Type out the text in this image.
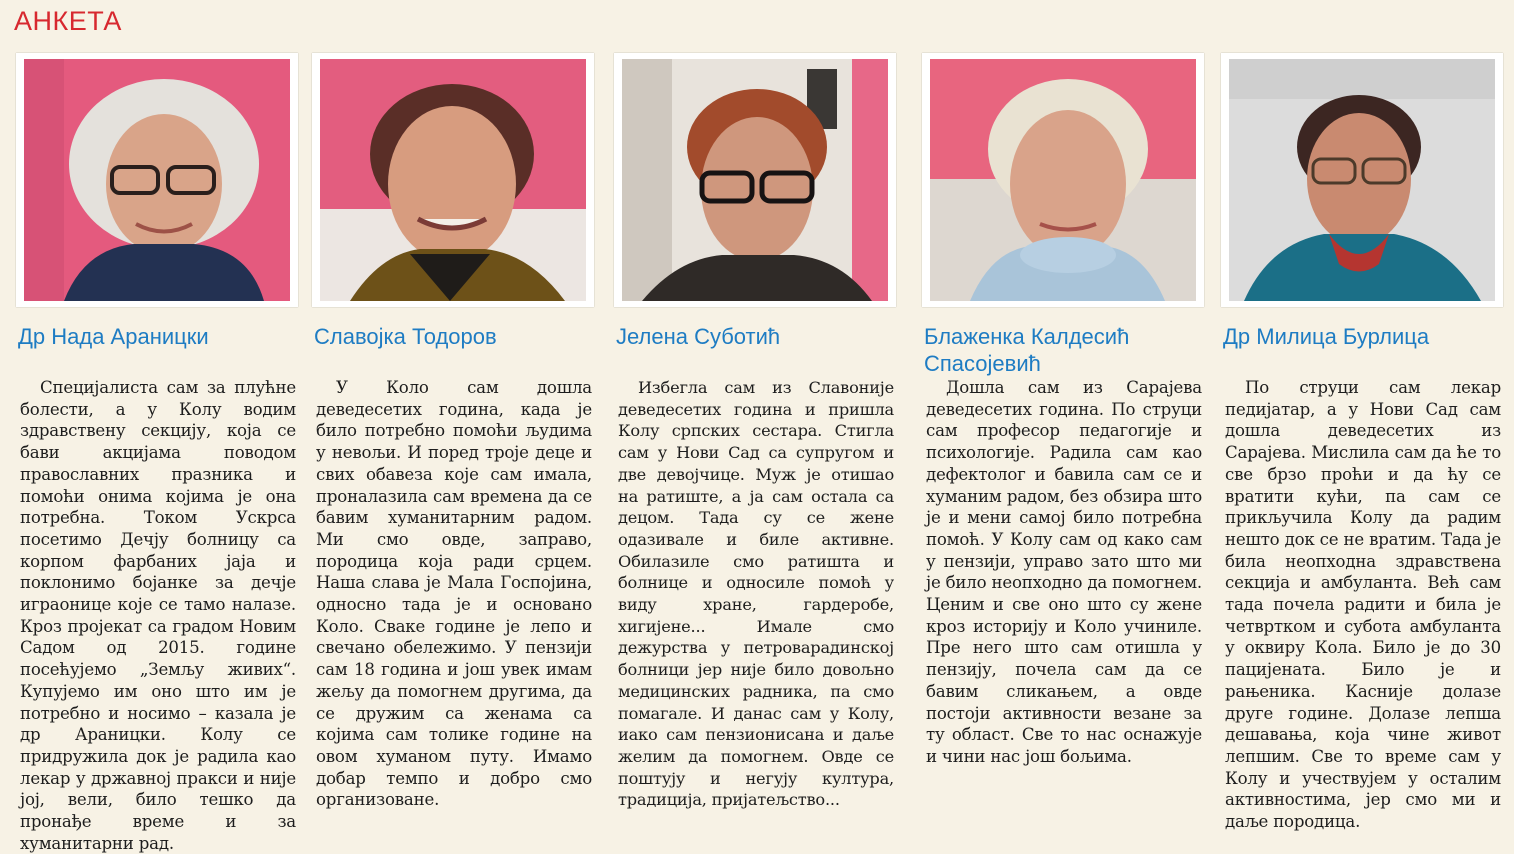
АНКЕТА
Др Нада Араницки
Специјалиста сам за плућне болести, а у Колу водим здравствену секцију, која се бави акцијама поводом православних празника и помоћи онима којима је она потребна. Током Ускрса посетимо Дечју болницу са корпом фарбаних јаја и поклонимо бојанке за дечје играонице које се тамо налазе. Кроз пројекат са градом Новим Садом од 2015. године посећујемо „Земљу живих“. Купујемо им оно што им је потребно и носимо – казала је др Араницки. Колу се придружила док је радила као лекар у државној пракси и није јој, вели, било тешко да пронађе време и за хуманитарни рад.
Славојка Тодоров
У Коло сам дошла деведесетих година, када је било потребно помоћи људима у невољи. И поред троје деце и свих обавеза које сам имала, проналазила сам времена да се бавим хуманитарним радом. Ми смо овде, заправо, породица која ради срцем. Наша слава је Мала Госпојина, односно тада је и основано Коло. Сваке године је лепо и свечано обележимо. У пензији сам 18 година и још увек имам жељу да помогнем другима, да се дружим са женама са којима сам толике године на овом хуманом путу. Имамо добар темпо и добро смо организоване.
Јелена Суботић
Избегла сам из Славоније деведесетих година и пришла Колу српских сестара. Стигла сам у Нови Сад са супругом и две девојчице. Муж је отишао на ратиште, а ја сам остала са децом. Тада су се жене одазивале и биле активне. Обилазиле смо ратишта и болнице и односиле помоћ у виду хране, гардеробе, хигијене... Имале смо дежурства у петроварадинској болници јер није било довољно медицинских радника, па смо помагале. И данас сам у Колу, иако сам пензионисана и даље желим да помогнем. Овде се поштују и негују култура, традиција, пријатељство...
Блаженка Калдесић Спасојевић
Дошла сам из Сарајева деведесетих година. По струци сам професор педагогије и психологије. Радила сам као дефектолог и бавила сам се и хуманим радом, без обзира што је и мени самој било потребна помоћ. У Колу сам од како сам у пензији, управо зато што ми је било неопходно да помогнем. Ценим и све оно што су жене кроз историју и Коло учиниле. Пре него што сам отишла у пензију, почела сам да се бавим сликањем, а овде постоји активности везане за ту област. Све то нас оснажује и чини нас још бољима.
Др Милица Бурлица
По струци сам лекар педијатар, а у Нови Сад сам дошла деведесетих из Сарајева. Мислила сам да ће то све брзо проћи и да ћу се вратити кући, па сам се прикључила Колу да радим нешто док се не вратим. Тада је била неопходна здравствена секција и амбуланта. Већ сам тада почела радити и била је четвртком и субота амбуланта у оквиру Кола. Било је до 30 пацијената. Било је и рањеника. Касније долазе друге године. Долазе лепша дешавања, која чине живот лепшим. Све то време сам у Колу и учествујем у осталим активностима, јер смо ми и даље породица.
